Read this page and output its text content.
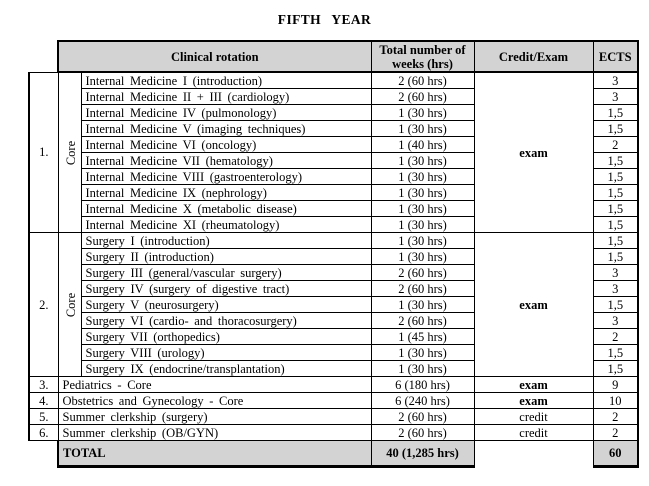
FIFTH YEAR
	Clinical rotation		Total number of weeks (hrs)	Credit/Exam	ECTS
1.	Core	Internal Medicine I (introduction)	2 (60 hrs)	exam	3
		Internal Medicine II + III (cardiology)	2 (60 hrs)		3
		Internal Medicine IV (pulmonology)	1 (30 hrs)		1,5
		Internal Medicine V (imaging techniques)	1 (30 hrs)		1,5
		Internal Medicine VI (oncology)	1 (40 hrs)		2
		Internal Medicine VII (hematology)	1 (30 hrs)		1,5
		Internal Medicine VIII (gastroenterology)	1 (30 hrs)		1,5
		Internal Medicine IX (nephrology)	1 (30 hrs)		1,5
		Internal Medicine X (metabolic disease)	1 (30 hrs)		1,5
		Internal Medicine XI (rheumatology)	1 (30 hrs)		1,5
2.	Core	Surgery I (introduction)	1 (30 hrs)	exam	1,5
		Surgery II (introduction)	1 (30 hrs)		1,5
		Surgery III (general/vascular surgery)	2 (60 hrs)		3
		Surgery IV (surgery of digestive tract)	2 (60 hrs)		3
		Surgery V (neurosurgery)	1 (30 hrs)		1,5
		Surgery VI (cardio- and thoracosurgery)	2 (60 hrs)		3
		Surgery VII (orthopedics)	1 (45 hrs)		2
		Surgery VIII (urology)	1 (30 hrs)		1,5
		Surgery IX (endocrine/transplantation)	1 (30 hrs)		1,5
3.	Pediatrics - Core		6 (180 hrs)	exam	9
4.	Obstetrics and Gynecology - Core		6 (240 hrs)	exam	10
5.	Summer clerkship (surgery)		2 (60 hrs)	credit	2
6.	Summer clerkship (OB/GYN)		2 (60 hrs)	credit	2
	TOTAL		40 (1,285 hrs)		60
